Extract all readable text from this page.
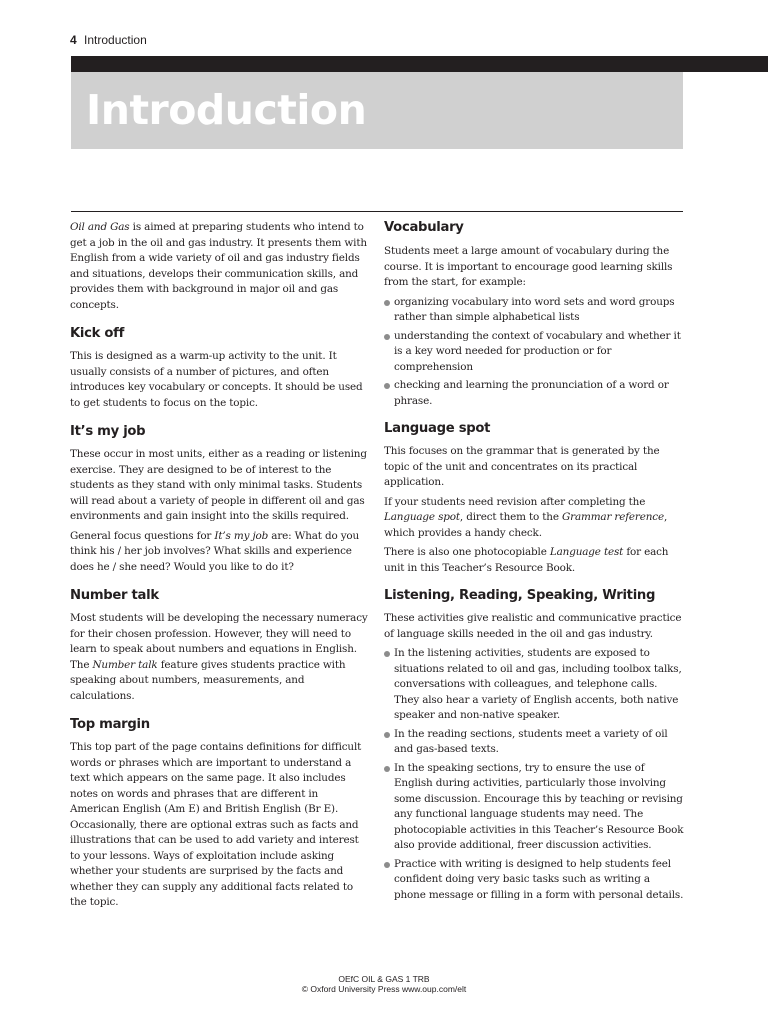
4 Introduction
Introduction

Oil and Gas is aimed at preparing students who intend to get a job in the oil and gas industry. It presents them with English from a wide variety of oil and gas industry fields and situations, develops their communication skills, and provides them with background in major oil and gas concepts.

Kick off

This is designed as a warm-up activity to the unit. It usually consists of a number of pictures, and often introduces key vocabulary or concepts. It should be used to get students to focus on the topic.

It’s my job

These occur in most units, either as a reading or listening exercise. They are designed to be of interest to the students as they stand with only minimal tasks. Students will read about a variety of people in different oil and gas environments and gain insight into the skills required.

General focus questions for It’s my job are: What do you think his / her job involves? What skills and experience does he / she need? Would you like to do it?

Number talk

Most students will be developing the necessary numeracy for their chosen profession. However, they will need to learn to speak about numbers and equations in English. The Number talk feature gives students practice with speaking about numbers, measurements, and calculations.

Top margin

This top part of the page contains definitions for difficult words or phrases which are important to understand a text which appears on the same page. It also includes notes on words and phrases that are different in American English (Am E) and British English (Br E). Occasionally, there are optional extras such as facts and illustrations that can be used to add variety and interest to your lessons. Ways of exploitation include asking whether your students are surprised by the facts and whether they can supply any additional facts related to the topic.

Vocabulary

Students meet a large amount of vocabulary during the course. It is important to encourage good learning skills from the start, for example:

organizing vocabulary into word sets and word groups rather than simple alphabetical lists
understanding the context of vocabulary and whether it is a key word needed for production or for comprehension
checking and learning the pronunciation of a word or phrase.
Language spot

This focuses on the grammar that is generated by the topic of the unit and concentrates on its practical application.

If your students need revision after completing the Language spot, direct them to the Grammar reference, which provides a handy check.

There is also one photocopiable Language test for each unit in this Teacher’s Resource Book.

Listening, Reading, Speaking, Writing

These activities give realistic and communicative practice of language skills needed in the oil and gas industry.

In the listening activities, students are exposed to situations related to oil and gas, including toolbox talks, conversations with colleagues, and telephone calls. They also hear a variety of English accents, both native speaker and non-native speaker.
In the reading sections, students meet a variety of oil and gas-based texts.
In the speaking sections, try to ensure the use of English during activities, particularly those involving some discussion. Encourage this by teaching or revising any functional language students may need. The photocopiable activities in this Teacher’s Resource Book also provide additional, freer discussion activities.
Practice with writing is designed to help students feel confident doing very basic tasks such as writing a phone message or filling in a form with personal details.
OEfC OIL & GAS 1 TRB
© Oxford University Press www.oup.com/elt
